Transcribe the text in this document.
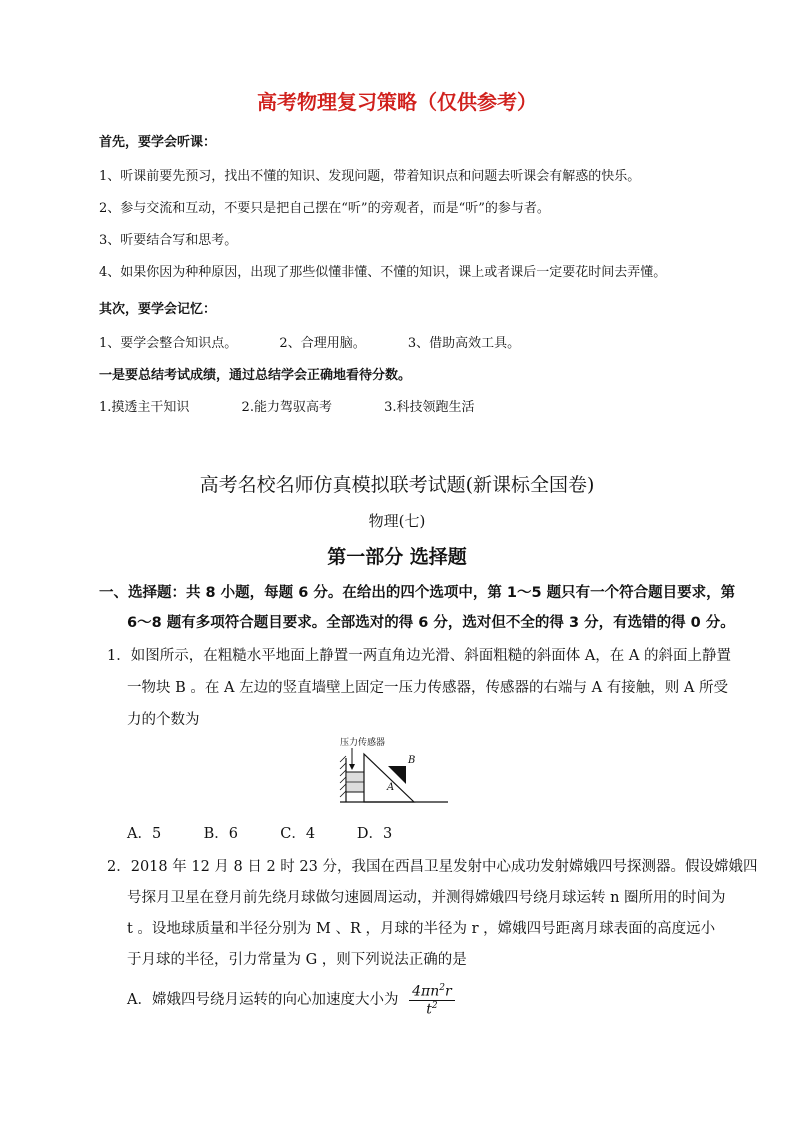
高考物理复习策略（仅供参考）
首先，要学会听课：
1、听课前要先预习，找出不懂的知识、发现问题，带着知识点和问题去听课会有解惑的快乐。
2、参与交流和互动，不要只是把自己摆在“听”的旁观者，而是“听”的参与者。
3、听要结合写和思考。
4、如果你因为种种原因，出现了那些似懂非懂、不懂的知识，课上或者课后一定要花时间去弄懂。
其次，要学会记忆：
1、要学会整合知识点。	2、合理用脑。	3、借助高效工具。
一是要总结考试成绩，通过总结学会正确地看待分数。
1.摸透主干知识	2.能力驾驭高考	3.科技领跑生活
高考名校名师仿真模拟联考试题(新课标全国卷)
物理(七)
第一部分 选择题
一、选择题：共 8 小题，每题 6 分。在给出的四个选项中，第 1～5 题只有一个符合题目要求，第
6～8 题有多项符合题目要求。全部选对的得 6 分，选对但不全的得 3 分，有选错的得 0 分。
1．如图所示，在粗糙水平地面上静置一两直角边光滑、斜面粗糙的斜面体 A，在 A 的斜面上静置
一物块 B 。在 A 左边的竖直墙壁上固定一压力传感器，传感器的右端与 A 有接触，则 A 所受
力的个数为
压力传感器
A
B
A．5	B．6	C．4	D．3
2．2018 年 12 月 8 日 2 时 23 分，我国在西昌卫星发射中心成功发射嫦娥四号探测器。假设嫦娥四
号探月卫星在登月前先绕月球做匀速圆周运动，并测得嫦娥四号绕月球运转 n 圈所用的时间为
t 。设地球质量和半径分别为 M 、R ，月球的半径为 r ，嫦娥四号距离月球表面的高度远小
于月球的半径，引力常量为 G ，则下列说法正确的是
A．嫦娥四号绕月运转的向心加速度大小为 $\frac{4\pi n^2r}{t^2}$
